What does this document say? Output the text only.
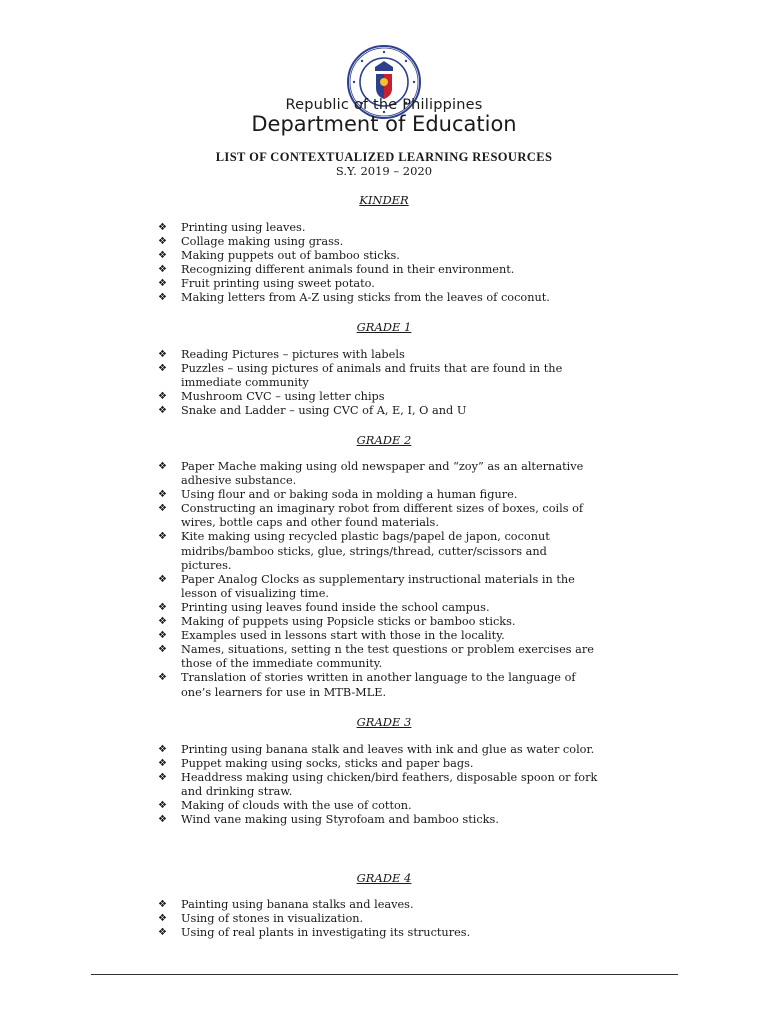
Republic of the Philippines
Department of Education
LIST OF CONTEXTUALIZED LEARNING RESOURCES
S.Y. 2019 – 2020
KINDER
❖ Printing using leaves.
❖ Collage making using grass.
❖ Making puppets out of bamboo sticks.
❖ Recognizing different animals found in their environment.
❖ Fruit printing using sweet potato.
❖ Making letters from A-Z using sticks from the leaves of coconut.
GRADE 1
❖ Reading Pictures – pictures with labels
❖ Puzzles – using pictures of animals and fruits that are found in the
immediate community
❖ Mushroom CVC – using letter chips
❖ Snake and Ladder – using CVC of A, E, I, O and U
GRADE 2
❖ Paper Mache making using old newspaper and “zoy” as an alternative
adhesive substance.
❖ Using flour and or baking soda in molding a human figure.
❖ Constructing an imaginary robot from different sizes of boxes, coils of
wires, bottle caps and other found materials.
❖ Kite making using recycled plastic bags/papel de japon, coconut
midribs/bamboo sticks, glue, strings/thread, cutter/scissors and
pictures.
❖ Paper Analog Clocks as supplementary instructional materials in the
lesson of visualizing time.
❖ Printing using leaves found inside the school campus.
❖ Making of puppets using Popsicle sticks or bamboo sticks.
❖ Examples used in lessons start with those in the locality.
❖ Names, situations, setting n the test questions or problem exercises are
those of the immediate community.
❖ Translation of stories written in another language to the language of
one’s learners for use in MTB-MLE.
GRADE 3
❖ Printing using banana stalk and leaves with ink and glue as water color.
❖ Puppet making using socks, sticks and paper bags.
❖ Headdress making using chicken/bird feathers, disposable spoon or fork
and drinking straw.
❖ Making of clouds with the use of cotton.
❖ Wind vane making using Styrofoam and bamboo sticks.
GRADE 4
❖ Painting using banana stalks and leaves.
❖ Using of stones in visualization.
❖ Using of real plants in investigating its structures.
